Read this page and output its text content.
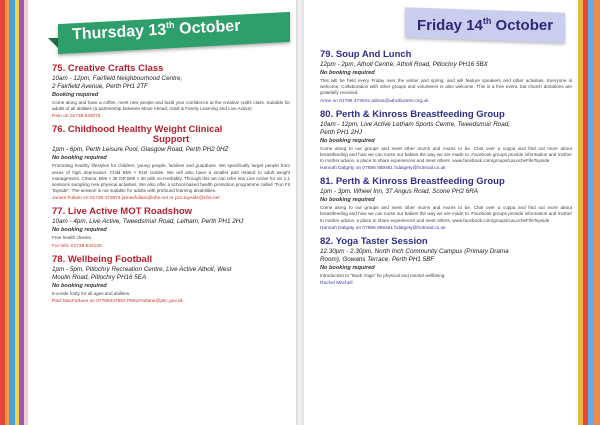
Thursday 13th October	Friday 14th October
75. Creative Crafts Class
10am - 12pm, Fairfield Neighbourhood Centre,
2 Fairfield Avenue, Perth PH1 2TF
Booking required
Come along and have a coffee, meet new people and build your confidence at the creative crafts class. Suitable for adults of all abilities (a partnership between Move Ahead, Adult & Family Learning and Live Active)
Pam on 01738 633075
76. Childhood Healthy Weight Clinical
Support
1pm - 6pm, Perth Leisure Pool, Glasgow Road, Perth PH2 0HZ
No booking required
Promoting healthy lifestyles for children, young people, families and guardians. We specifically target people from areas of high deprivation. Child BMI > 91st centile. We will also have a smaller part related to adult weight management. Criteria: BMI > 35 OR BMI > 30 with co-morbidity. Through this we can refer into Live Active for six 1:1 sessions sampling new physical activities. We also offer a school-based health promotion programme called "Fun Fit Tayside". The session is not suitable for adults with profound learning disabilities.
James Fullam on 01738 473874 jamesfullam@nhs.net or pcs.tayside@nhs.net
77. Live Active MOT Roadshow
10am - 4pm, Live Active, Tweedsmuir Road, Letham, Perth PH1 2HJ
No booking required
Free health checks.
For info: 01738 633130
78. Wellbeing Football
1pm - 5pm, Pitlochry Recreation Centre, Live Active Atholl, West
Moulin Road, Pitlochry PH16 5EA
No booking required
5-a-side footy for all ages and abilities.
Paul MacFarlane on 07788447653 PMacFarlane@pkc.gov.uk
79. Soup And Lunch
12pm - 2pm, Atholl Centre, Atholl Road, Pitlochry PH16 5BX
No booking required
This will be held every Friday over the winter and spring, and will feature speakers and other activities. Everyone is welcome. Collaboration with other groups and volunteers is also welcome. This is a free event, but church donations are gratefully received.
Anne on 01796 473044 admin@athollcentre.org.uk
80. Perth & Kinross Breastfeeding Group
10am - 12pm, Live Active Letham Sports Centre, Tweedsmuir Road,
Perth PH1 2HJ
No booking required
Come along to our groups and meet other mums and mums to be. Chat over a cuppa and find out more about breastfeeding and how we can nurse our babies the way we are made to. Facebook groups provide information and mother to mother advice, a place to share experiences and meet others. www.facebook.com/groups/LaLecheFifeTayside
Hannah Dalgety on 07886 859461 hdalgety@hotmail.co.uk
81. Perth & Kinross Breastfeeding Group
1pm - 3pm, Wheel Inn, 37 Angus Road, Scone PH2 6RA
No booking required
Come along to our groups and meet other mums and mums to be. Chat over a cuppa and find out more about breastfeeding and how we can nurse our babies the way we are made to. Facebook groups provide information and mother to mother advice, a place to share experiences and meet others. www.facebook.com/groups/LaLecheFifeTayside
Hannah Dalgety on 07886 859461 hdalgety@hotmail.co.uk
82. Yoga Taster Session
12.30pm - 2.30pm, North Inch Community Campus (Primary Drama
Room), Gowans Terrace, Perth PH1 5BF
No booking required
Introduction to "Back Yoga" for physical and mental wellbeing.
Rachel Mitchell
